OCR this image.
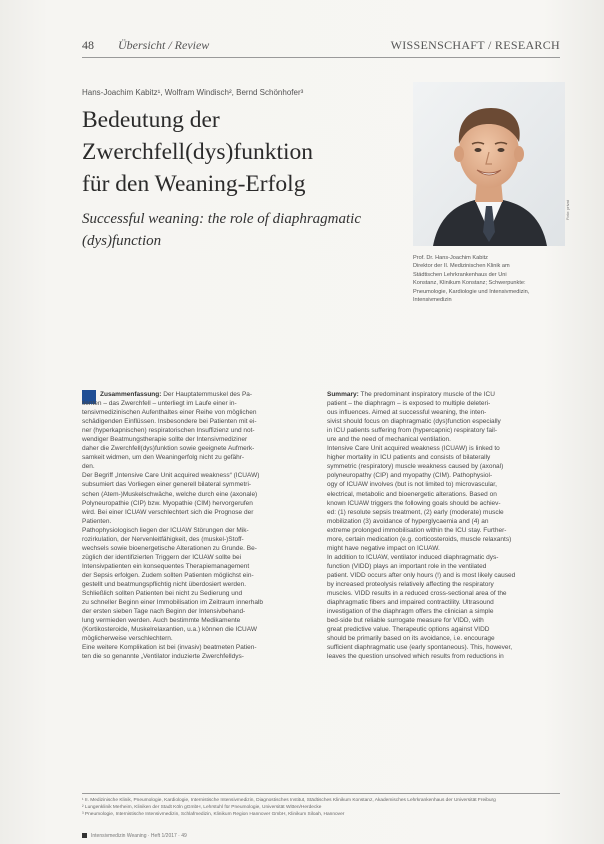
48 Übersicht / Review	WISSENSCHAFT / RESEARCH
Hans-Joachim Kabitz¹, Wolfram Windisch², Bernd Schönhofer³
Bedeutung der
Zwerchfell(dys)funktion
für den Weaning-Erfolg
Successful weaning: the role of diaphragmatic
(dys)function
Foto: privat
Prof. Dr. Hans-Joachim Kabitz
Direktor der II. Medizinischen Klinik am
Städtischen Lehrkrankenhaus der Uni
Konstanz, Klinikum Konstanz; Schwerpunkte:
Pneumologie, Kardiologie und Intensivmedizin,
Intensivmedizin
Zusammenfassung: Der Hauptatemmuskel des Pa-
tienten – das Zwerchfell – unterliegt im Laufe einer in-
tensivmedizinischen Aufenthaltes einer Reihe von möglichen
schädigenden Einflüssen. Insbesondere bei Patienten mit ei-
ner (hyperkapnischen) respiratorischen Insuffizienz und not-
wendiger Beatmungstherapie sollte der Intensivmediziner
daher die Zwerchfell(dys)funktion sowie geeignete Aufmerk-
samkeit widmen, um den Weaningerfolg nicht zu gefähr-
den.
Der Begriff „Intensive Care Unit acquired weakness“ (ICUAW)
subsumiert das Vorliegen einer generell bilateral symmetri-
schen (Atem-)Muskelschwäche, welche durch eine (axonale)
Polyneuropathie (CIP) bzw. Myopathie (CIM) hervorgerufen
wird. Bei einer ICUAW verschlechtert sich die Prognose der
Patienten.
Pathophysiologisch liegen der ICUAW Störungen der Mik-
rozirkulation, der Nervenleitfähigkeit, des (muskel-)Stoff-
wechsels sowie bioenergetische Alterationen zu Grunde. Be-
züglich der identifizierten Triggern der ICUAW sollte bei
Intensivpatienten ein konsequentes Therapiemanagement
der Sepsis erfolgen. Zudem sollten Patienten möglichst ein-
gestellt und beatmungspflichtig nicht überdosiert werden.
Schließlich sollten Patienten bei nicht zu Sedierung und
zu schneller Beginn einer Immobilisation im Zeitraum innerhalb
der ersten sieben Tage nach Beginn der Intensivbehand-
lung vermieden werden. Auch bestimmte Medikamente
(Kortikosteroide, Muskelrelaxantien, u.a.) können die ICUAW
möglicherweise verschlechtern.
Eine weitere Komplikation ist bei (invasiv) beatmeten Patien-
ten die so genannte „Ventilator induzierte Zwerchfelldys-
Summary: The predominant inspiratory muscle of the ICU
patient – the diaphragm – is exposed to multiple deleteri-
ous influences. Aimed at successful weaning, the inten-
sivist should focus on diaphragmatic (dys)function especially
in ICU patients suffering from (hypercapnic) respiratory fail-
ure and the need of mechanical ventilation.
Intensive Care Unit acquired weakness (ICUAW) is linked to
higher mortality in ICU patients and consists of bilaterally
symmetric (respiratory) muscle weakness caused by (axonal)
polyneuropathy (CIP) and myopathy (CIM). Pathophysiol-
ogy of ICUAW involves (but is not limited to) microvascular,
electrical, metabolic and bioenergetic alterations. Based on
known ICUAW triggers the following goals should be achiev-
ed: (1) resolute sepsis treatment, (2) early (moderate) muscle
mobilization (3) avoidance of hyperglycaemia and (4) an
extreme prolonged immobilisation within the ICU stay. Further-
more, certain medication (e.g. corticosteroids, muscle relaxants)
might have negative impact on ICUAW.
In addition to ICUAW, ventilator induced diaphragmatic dys-
function (VIDD) plays an important role in the ventilated
patient. VIDD occurs after only hours (!) and is most likely caused
by increased proteolysis relatively affecting the respiratory
muscles. VIDD results in a reduced cross-sectional area of the
diaphragmatic fibers and impaired contractility. Ultrasound
investigation of the diaphragm offers the clinician a simple
bed-side but reliable surrogate measure for VIDD, with
great predictive value. Therapeutic options against VIDD
should be primarily based on its avoidance, i.e. encourage
sufficient diaphragmatic use (early spontaneous). This, however,
leaves the question unsolved which results from reductions in
¹ II. Medizinische Klinik, Pneumologie, Kardiologie, Internistische Intensivmedizin, Diagnostisches Institut, Städtisches Klinikum Konstanz, Akademisches Lehrkrankenhaus der Universität Freiburg
² Lungenklinik Merheim, Kliniken der Stadt Köln gGmbH, Lehrstuhl für Pneumologie, Universität Witten/Herdecke
³ Pneumologie, Internistische Intensivmedizin, Schlafmedizin, Klinikum Region Hannover GmbH, Klinikum Siloah, Hannover
Intensivmedizin Weaning · Heft 1/2017 · 49
